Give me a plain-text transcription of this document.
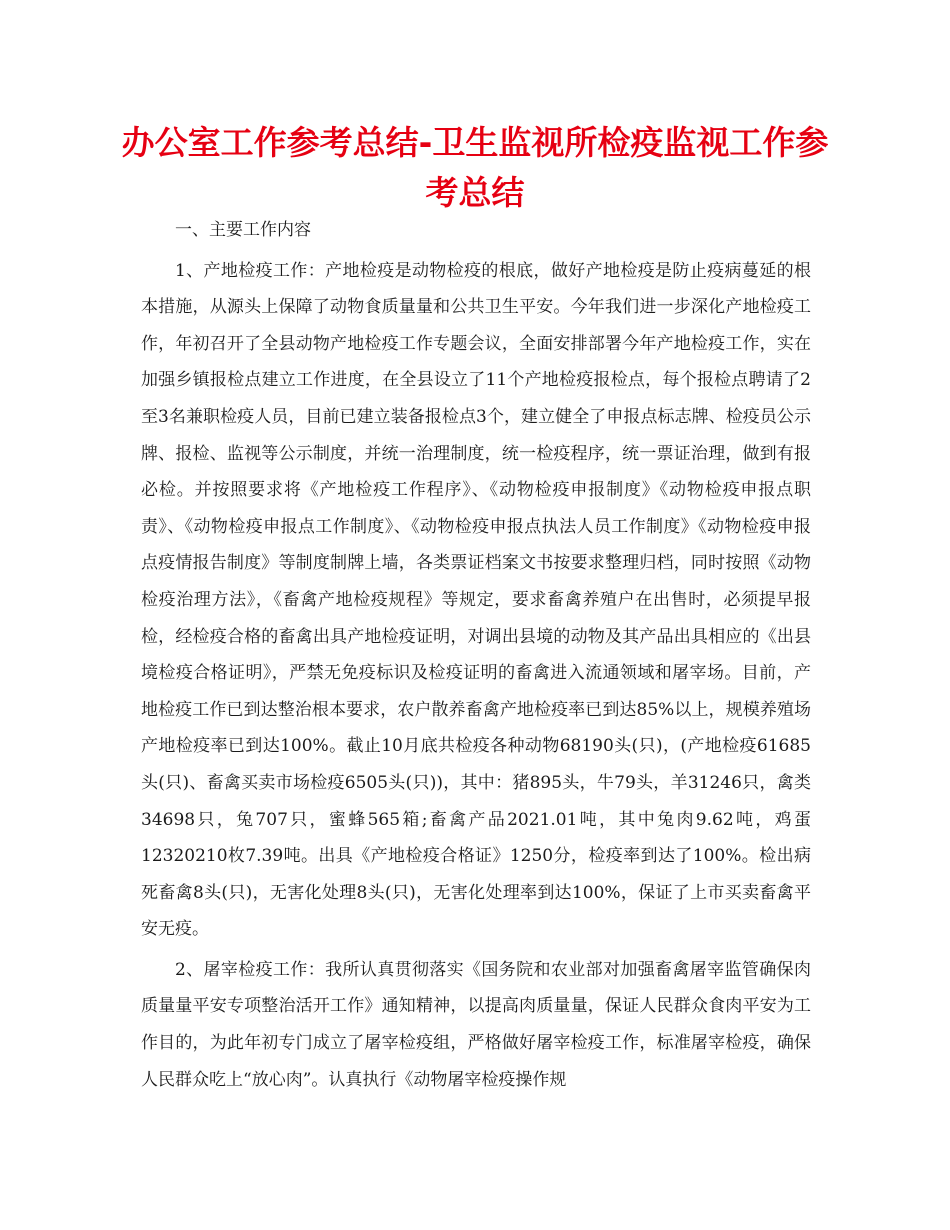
办公室工作参考总结-卫生监视所检疫监视工作参考总结

一、主要工作内容

1、产地检疫工作：产地检疫是动物检疫的根底，做好产地检疫是防止疫病蔓延的根本措施，从源头上保障了动物食质量量和公共卫生平安。今年我们进一步深化产地检疫工作，年初召开了全县动物产地检疫工作专题会议，全面安排部署今年产地检疫工作，实在加强乡镇报检点建立工作进度，在全县设立了11个产地检疫报检点，每个报检点聘请了2至3名兼职检疫人员，目前已建立装备报检点3个，建立健全了申报点标志牌、检疫员公示牌、报检、监视等公示制度，并统一治理制度，统一检疫程序，统一票证治理，做到有报必检。并按照要求将《产地检疫工作程序》、《动物检疫申报制度》《动物检疫申报点职责》、《动物检疫申报点工作制度》、《动物检疫申报点执法人员工作制度》《动物检疫申报点疫情报告制度》等制度制牌上墙，各类票证档案文书按要求整理归档，同时按照《动物检疫治理方法》，《畜禽产地检疫规程》等规定，要求畜禽养殖户在出售时，必须提早报检，经检疫合格的畜禽出具产地检疫证明，对调出县境的动物及其产品出具相应的《出县境检疫合格证明》，严禁无免疫标识及检疫证明的畜禽进入流通领域和屠宰场。目前，产地检疫工作已到达整治根本要求，农户散养畜禽产地检疫率已到达85%以上，规模养殖场产地检疫率已到达100%。截止10月底共检疫各种动物68190头(只)，(产地检疫61685头(只)、畜禽买卖市场检疫6505头(只))，其中：猪895头，牛79头，羊31246只，禽类34698只，兔707只，蜜蜂565箱;畜禽产品2021.01吨，其中兔肉9.62吨，鸡蛋12320210枚7.39吨。出具《产地检疫合格证》1250分，检疫率到达了100%。检出病死畜禽8头(只)，无害化处理8头(只)，无害化处理率到达100%，保证了上市买卖畜禽平安无疫。

2、屠宰检疫工作：我所认真贯彻落实《国务院和农业部对加强畜禽屠宰监管确保肉质量量平安专项整治活开工作》通知精神，以提高肉质量量，保证人民群众食肉平安为工作目的，为此年初专门成立了屠宰检疫组，严格做好屠宰检疫工作，标准屠宰检疫，确保人民群众吃上“放心肉”。认真执行《动物屠宰检疫操作规
